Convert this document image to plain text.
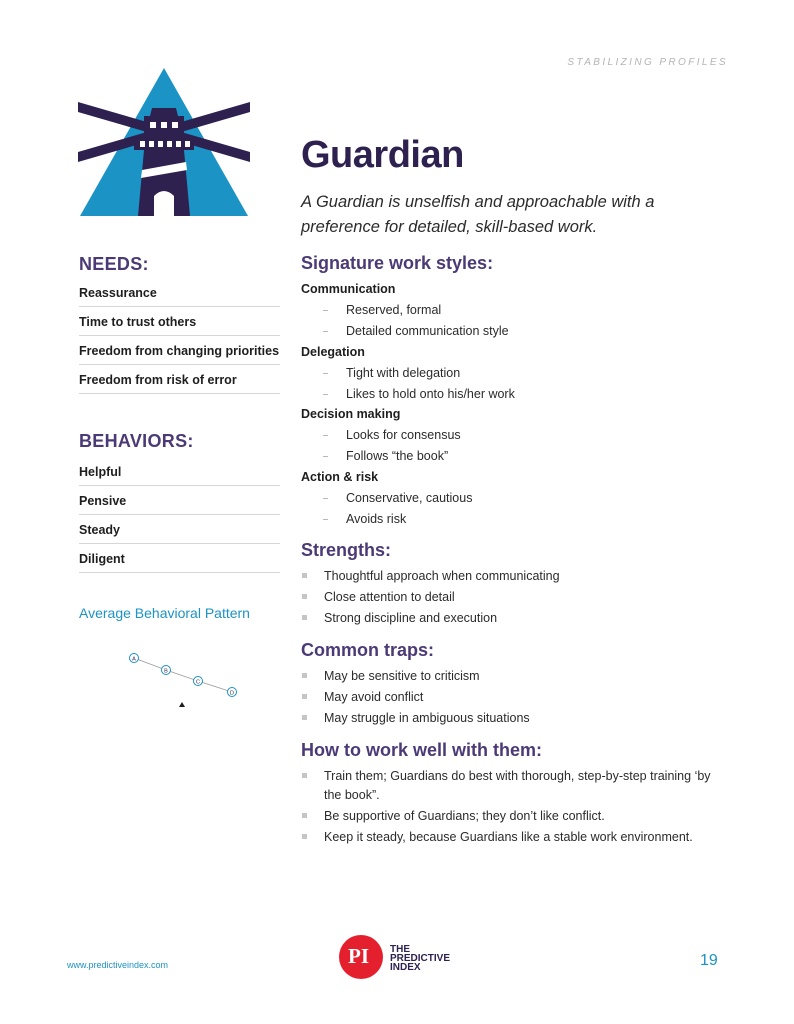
STABILIZING PROFILES
Guardian
A Guardian is unselfish and approachable with a preference for detailed, skill-based work.
NEEDS:
Reassurance
Time to trust others
Freedom from changing priorities
Freedom from risk of error
BEHAVIORS:
Helpful
Pensive
Steady
Diligent
Average Behavioral Pattern
A
B
C
D
Signature work styles:
Communication
Reserved, formal
Detailed communication style
Delegation
Tight with delegation
Likes to hold onto his/her work
Decision making
Looks for consensus
Follows “the book”
Action & risk
Conservative, cautious
Avoids risk
Strengths:
Thoughtful approach when communicating
Close attention to detail
Strong discipline and execution
Common traps:
May be sensitive to criticism
May avoid conflict
May struggle in ambiguous situations
How to work well with them:
Train them; Guardians do best with thorough, step-by-step training ‘by the book”.
Be supportive of Guardians; they don’t like conflict.
Keep it steady, because Guardians like a stable work environment.
www.predictiveindex.com	PI THE
PREDICTIVE
INDEX	19
